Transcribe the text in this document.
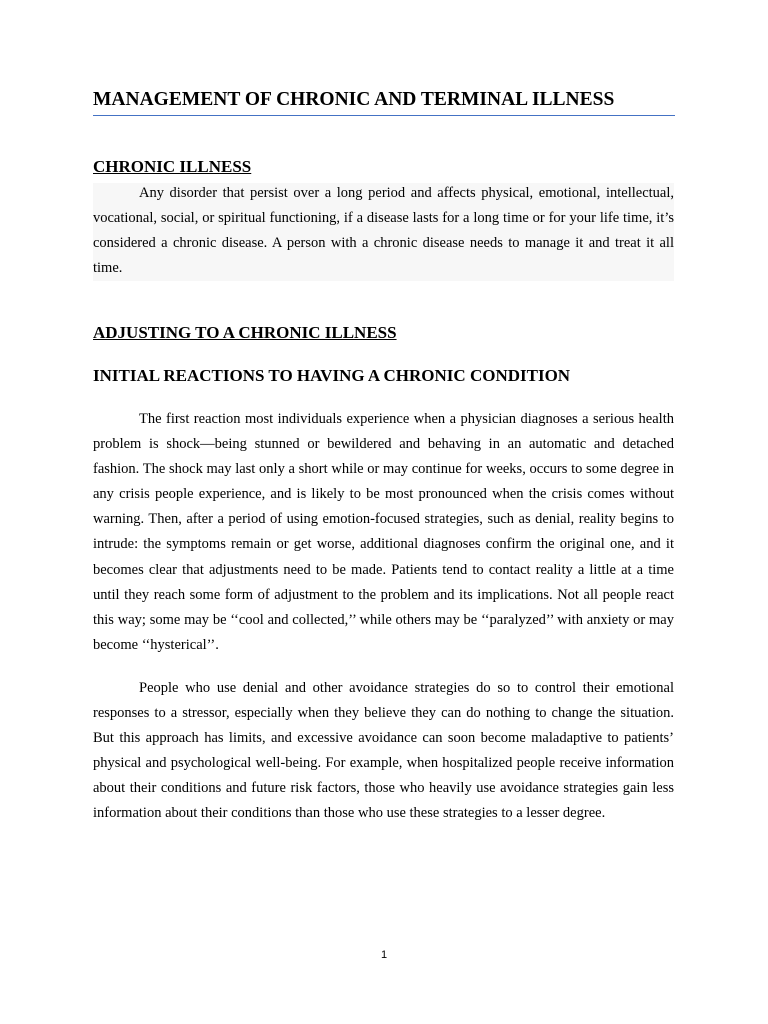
MANAGEMENT OF CHRONIC AND TERMINAL ILLNESS
CHRONIC ILLNESS

Any disorder that persist over a long period and affects physical, emotional, intellectual, vocational, social, or spiritual functioning, if a disease lasts for a long time or for your life time, it’s considered a chronic disease. A person with a chronic disease needs to manage it and treat it all time.

ADJUSTING TO A CHRONIC ILLNESS
INITIAL REACTIONS TO HAVING A CHRONIC CONDITION

The first reaction most individuals experience when a physician diagnoses a serious health problem is shock—being stunned or bewildered and behaving in an automatic and detached fashion. The shock may last only a short while or may continue for weeks, occurs to some degree in any crisis people experience, and is likely to be most pronounced when the crisis comes without warning. Then, after a period of using emotion-focused strategies, such as denial, reality begins to intrude: the symptoms remain or get worse, additional diagnoses confirm the original one, and it becomes clear that adjustments need to be made. Patients tend to contact reality a little at a time until they reach some form of adjustment to the problem and its implications. Not all people react this way; some may be ‘‘cool and collected,’’ while others may be ‘‘paralyzed’’ with anxiety or may become ‘‘hysterical’’.

People who use denial and other avoidance strategies do so to control their emotional responses to a stressor, especially when they believe they can do nothing to change the situation. But this approach has limits, and excessive avoidance can soon become maladaptive to patients’ physical and psychological well-being. For example, when hospitalized people receive information about their conditions and future risk factors, those who heavily use avoidance strategies gain less information about their conditions than those who use these strategies to a lesser degree.

1
